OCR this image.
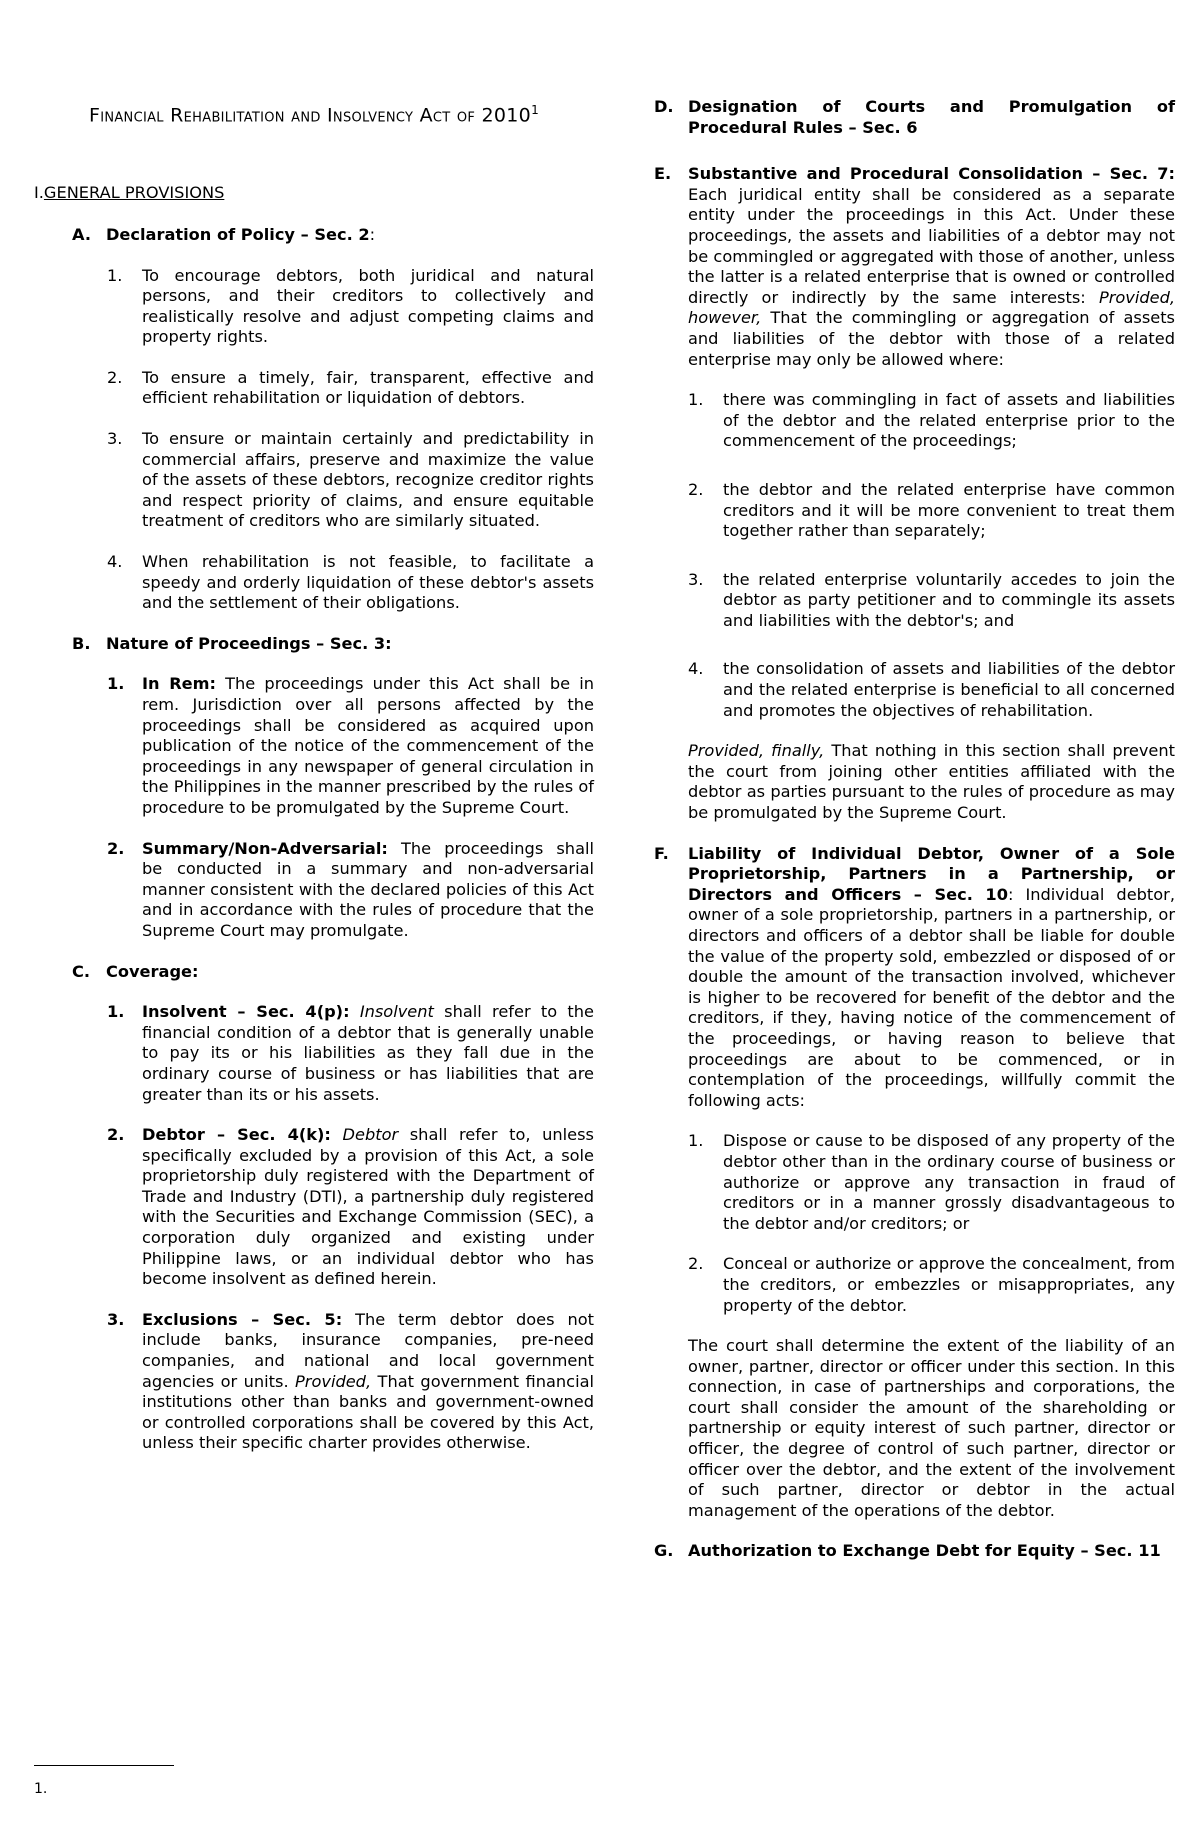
Financial Rehabilitation and Insolvency Act of 2010$^1$

I.GENERAL PROVISIONS

A. Declaration of Policy – Sec. 2:
1. To encourage debtors, both juridical and natural persons, and their creditors to collectively and realistically resolve and adjust competing claims and property rights.
2. To ensure a timely, fair, transparent, effective and efficient rehabilitation or liquidation of debtors.
3. To ensure or maintain certainly and predictability in commercial affairs, preserve and maximize the value of the assets of these debtors, recognize creditor rights and respect priority of claims, and ensure equitable treatment of creditors who are similarly situated.
4. When rehabilitation is not feasible, to facilitate a speedy and orderly liquidation of these debtor's assets and the settlement of their obligations.
B. Nature of Proceedings – Sec. 3:
1. In Rem: The proceedings under this Act shall be in rem. Jurisdiction over all persons affected by the proceedings shall be considered as acquired upon publication of the notice of the commencement of the proceedings in any newspaper of general circulation in the Philippines in the manner prescribed by the rules of procedure to be promulgated by the Supreme Court.
2. Summary/Non-Adversarial: The proceedings shall be conducted in a summary and non-adversarial manner consistent with the declared policies of this Act and in accordance with the rules of procedure that the Supreme Court may promulgate.
C. Coverage:
1. Insolvent – Sec. 4(p): Insolvent shall refer to the financial condition of a debtor that is generally unable to pay its or his liabilities as they fall due in the ordinary course of business or has liabilities that are greater than its or his assets.
2. Debtor – Sec. 4(k): Debtor shall refer to, unless specifically excluded by a provision of this Act, a sole proprietorship duly registered with the Department of Trade and Industry (DTI), a partnership duly registered with the Securities and Exchange Commission (SEC), a corporation duly organized and existing under Philippine laws, or an individual debtor who has become insolvent as defined herein.
3. Exclusions – Sec. 5: The term debtor does not include banks, insurance companies, pre-need companies, and national and local government agencies or units. Provided, That government financial institutions other than banks and government-owned or controlled corporations shall be covered by this Act, unless their specific charter provides otherwise.
1.
D. Designation of Courts and Promulgation of Procedural Rules – Sec. 6

E. Substantive and Procedural Consolidation – Sec. 7: Each juridical entity shall be considered as a separate entity under the proceedings in this Act. Under these proceedings, the assets and liabilities of a debtor may not be commingled or aggregated with those of another, unless the latter is a related enterprise that is owned or controlled directly or indirectly by the same interests: Provided, however, That the commingling or aggregation of assets and liabilities of the debtor with those of a related enterprise may only be allowed where:

1. there was commingling in fact of assets and liabilities of the debtor and the related enterprise prior to the commencement of the proceedings;
2. the debtor and the related enterprise have common creditors and it will be more convenient to treat them together rather than separately;
3. the related enterprise voluntarily accedes to join the debtor as party petitioner and to commingle its assets and liabilities with the debtor's; and
4. the consolidation of assets and liabilities of the debtor and the related enterprise is beneficial to all concerned and promotes the objectives of rehabilitation.

Provided, finally, That nothing in this section shall prevent the court from joining other entities affiliated with the debtor as parties pursuant to the rules of procedure as may be promulgated by the Supreme Court.

F. Liability of Individual Debtor, Owner of a Sole Proprietorship, Partners in a Partnership, or Directors and Officers – Sec. 10: Individual debtor, owner of a sole proprietorship, partners in a partnership, or directors and officers of a debtor shall be liable for double the value of the property sold, embezzled or disposed of or double the amount of the transaction involved, whichever is higher to be recovered for benefit of the debtor and the creditors, if they, having notice of the commencement of the proceedings, or having reason to believe that proceedings are about to be commenced, or in contemplation of the proceedings, willfully commit the following acts:

1. Dispose or cause to be disposed of any property of the debtor other than in the ordinary course of business or authorize or approve any transaction in fraud of creditors or in a manner grossly disadvantageous to the debtor and/or creditors; or
2. Conceal or authorize or approve the concealment, from the creditors, or embezzles or misappropriates, any property of the debtor.

The court shall determine the extent of the liability of an owner, partner, director or officer under this section. In this connection, in case of partnerships and corporations, the court shall consider the amount of the shareholding or partnership or equity interest of such partner, director or officer, the degree of control of such partner, director or officer over the debtor, and the extent of the involvement of such partner, director or debtor in the actual management of the operations of the debtor.

G. Authorization to Exchange Debt for Equity – Sec. 11
